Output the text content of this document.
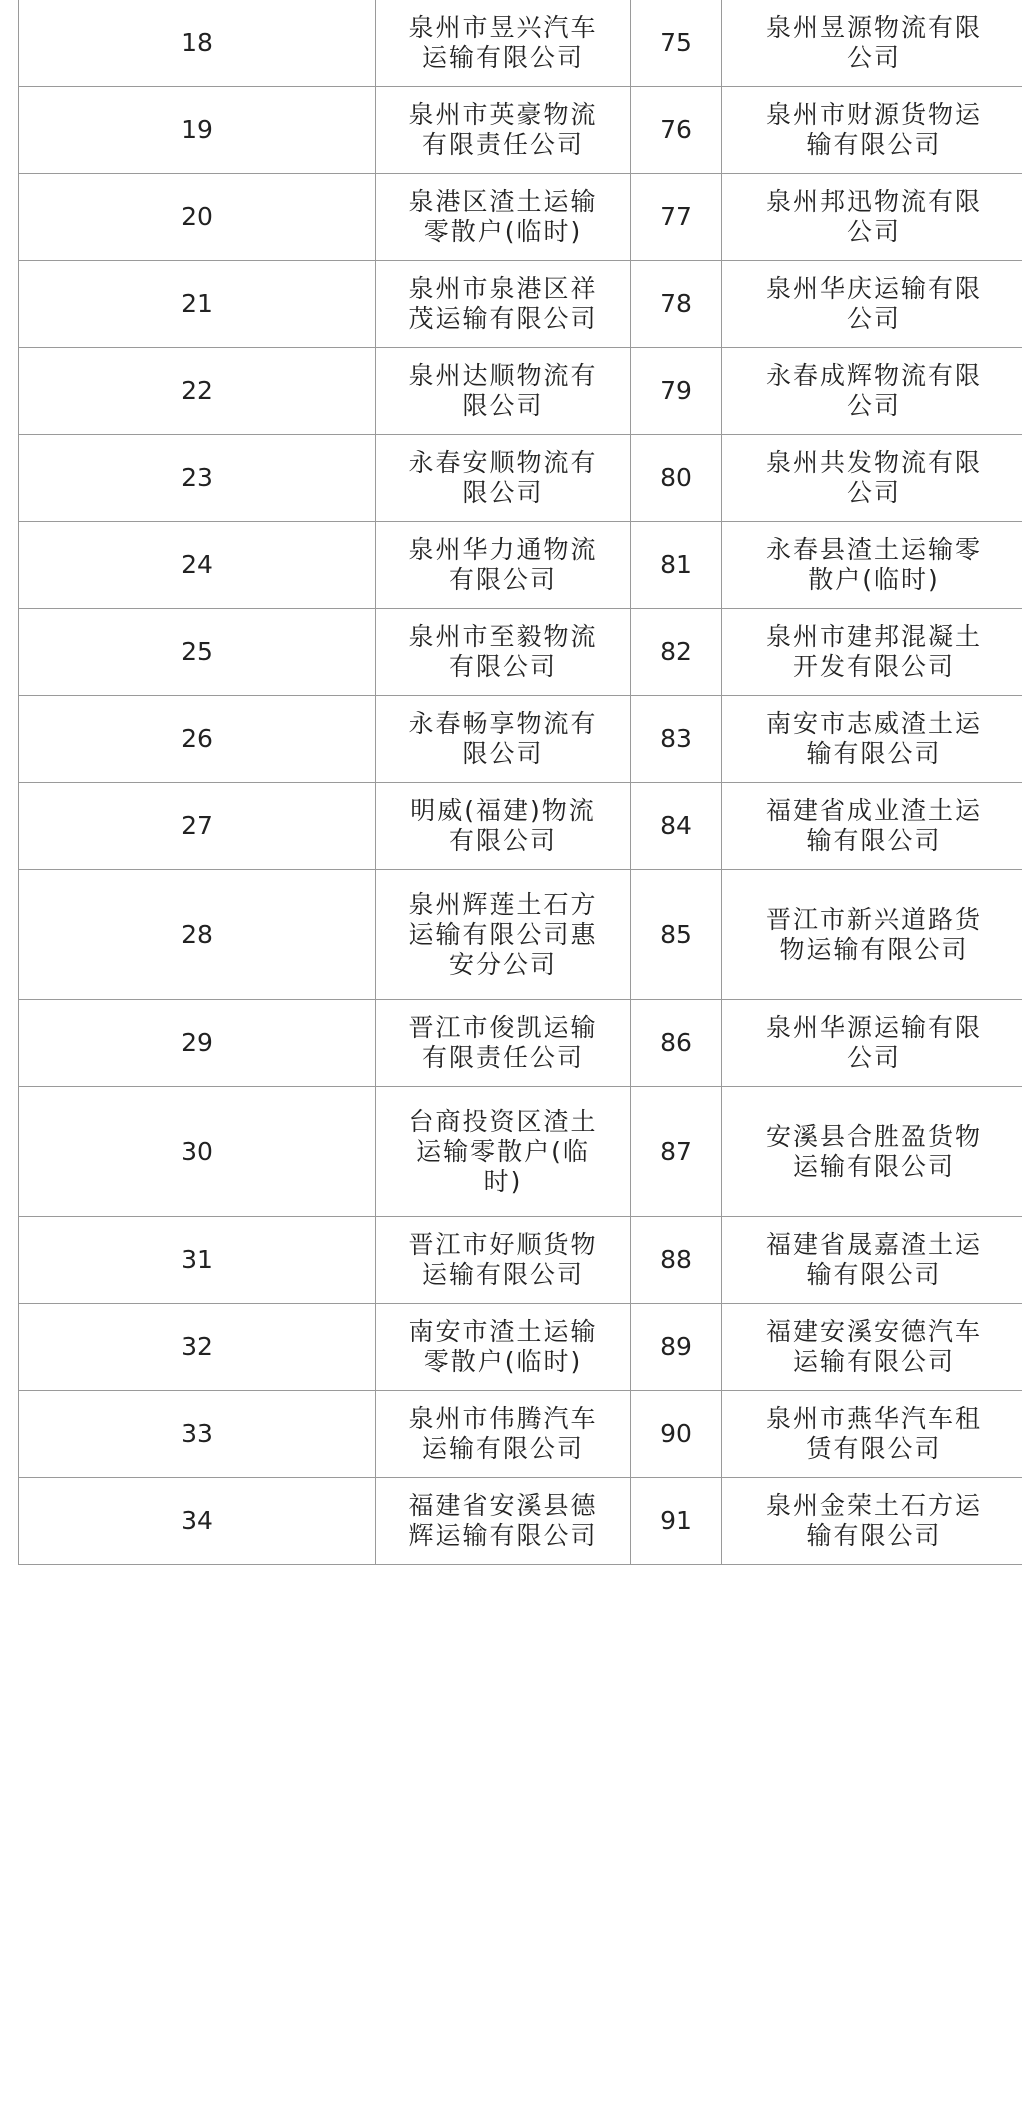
18	泉州市昱兴汽车
运输有限公司	75	泉州昱源物流有限
公司

19	泉州市英豪物流
有限责任公司	76	泉州市财源货物运
输有限公司

20	泉港区渣土运输
零散户(临时)	77	泉州邦迅物流有限
公司

21	泉州市泉港区祥
茂运输有限公司	78	泉州华庆运输有限
公司

22	泉州达顺物流有
限公司	79	永春成辉物流有限
公司

23	永春安顺物流有
限公司	80	泉州共发物流有限
公司

24	泉州华力通物流
有限公司	81	永春县渣土运输零
散户(临时)

25	泉州市至毅物流
有限公司	82	泉州市建邦混凝土
开发有限公司

26	永春畅享物流有
限公司	83	南安市志威渣土运
输有限公司

27	明威(福建)物流
有限公司	84	福建省成业渣土运
输有限公司

28	泉州辉莲土石方
运输有限公司惠
安分公司	85	晋江市新兴道路货
物运输有限公司

29	晋江市俊凯运输
有限责任公司	86	泉州华源运输有限
公司

30	台商投资区渣土
运输零散户(临
时)	87	安溪县合胜盈货物
运输有限公司

31	晋江市好顺货物
运输有限公司	88	福建省晟嘉渣土运
输有限公司

32	南安市渣土运输
零散户(临时)	89	福建安溪安德汽车
运输有限公司

33	泉州市伟腾汽车
运输有限公司	90	泉州市燕华汽车租
赁有限公司

34	福建省安溪县德
辉运输有限公司	91	泉州金荣土石方运
输有限公司
